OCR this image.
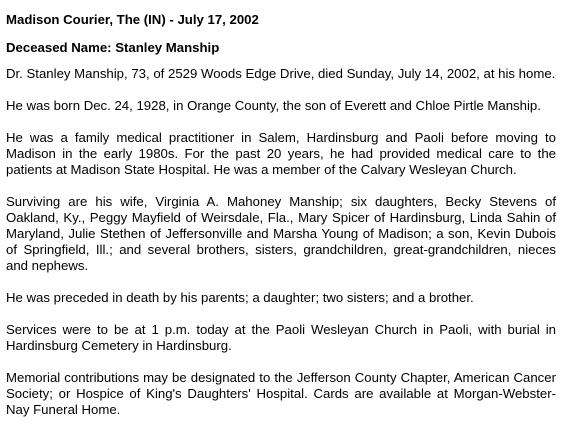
Madison Courier, The (IN) - July 17, 2002

Deceased Name: Stanley Manship

Dr. Stanley Manship, 73, of 2529 Woods Edge Drive, died Sunday, July 14, 2002, at his home.

He was born Dec. 24, 1928, in Orange County, the son of Everett and Chloe Pirtle Manship.

He was a family medical practitioner in Salem, Hardinsburg and Paoli before moving to Madison in the early 1980s. For the past 20 years, he had provided medical care to the patients at Madison State Hospital. He was a member of the Calvary Wesleyan Church.

Surviving are his wife, Virginia A. Mahoney Manship; six daughters, Becky Stevens of Oakland, Ky., Peggy Mayfield of Weirsdale, Fla., Mary Spicer of Hardinsburg, Linda Sahin of Maryland, Julie Stethen of Jeffersonville and Marsha Young of Madison; a son, Kevin Dubois of Springfield, Ill.; and several brothers, sisters, grandchildren, great-grandchildren, nieces and nephews.

He was preceded in death by his parents; a daughter; two sisters; and a brother.

Services were to be at 1 p.m. today at the Paoli Wesleyan Church in Paoli, with burial in Hardinsburg Cemetery in Hardinsburg.

Memorial contributions may be designated to the Jefferson County Chapter, American Cancer Society; or Hospice of King's Daughters' Hospital. Cards are available at Morgan-Webster-Nay Funeral Home.
